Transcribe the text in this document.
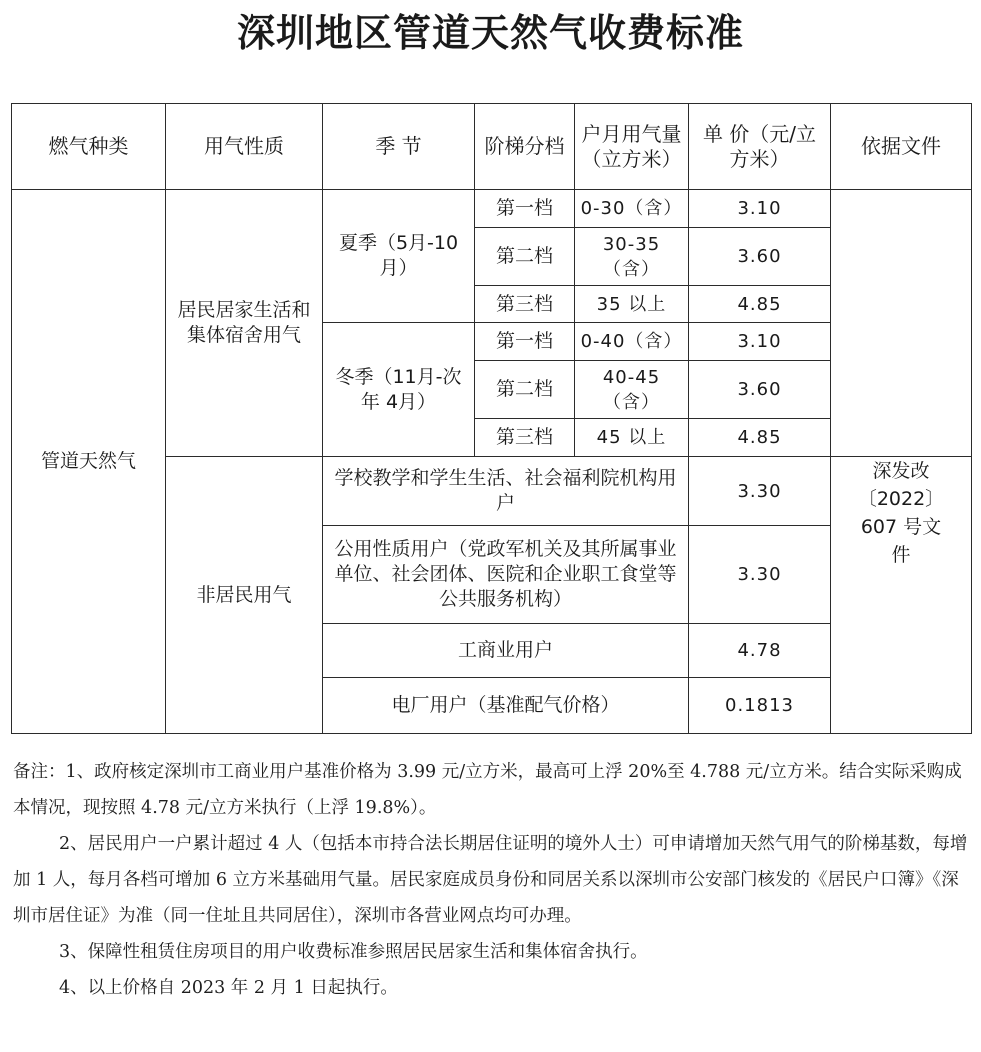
深圳地区管道天然气收费标准
燃气种类	用气性质	季 节	阶梯分档	户月用气量（立方米）	单 价（元/立方米）	依据文件
管道天然气	居民居家生活和集体宿舍用气	夏季（5月-10月）	第一档	0-30（含）	3.10	
			第二档	30-35（含）	3.60	
			第三档	35 以上	4.85	
		冬季（11月-次年 4月）	第一档	0-40（含）	3.10	
			第二档	40-45（含）	3.60	
			第三档	45 以上	4.85	
	非居民用气	学校教学和学生生活、社会福利院机构用户			3.30	深发改〔2022〕607 号文件
		公用性质用户（党政军机关及其所属事业单位、社会团体、医院和企业职工食堂等公共服务机构）			3.30	
		工商业用户			4.78	
		电厂用户（基准配气价格）			0.1813	

备注：1、政府核定深圳市工商业用户基准价格为 3.99 元/立方米，最高可上浮 20%至 4.788 元/立方米。结合实际采购成本情况，现按照 4.78 元/立方米执行（上浮 19.8%）。

2、居民用户一户累计超过 4 人（包括本市持合法长期居住证明的境外人士）可申请增加天然气用气的阶梯基数，每增加 1 人，每月各档可增加 6 立方米基础用气量。居民家庭成员身份和同居关系以深圳市公安部门核发的《居民户口簿》《深圳市居住证》为准（同一住址且共同居住），深圳市各营业网点均可办理。

3、保障性租赁住房项目的用户收费标准参照居民居家生活和集体宿舍执行。

4、以上价格自 2023 年 2 月 1 日起执行。
